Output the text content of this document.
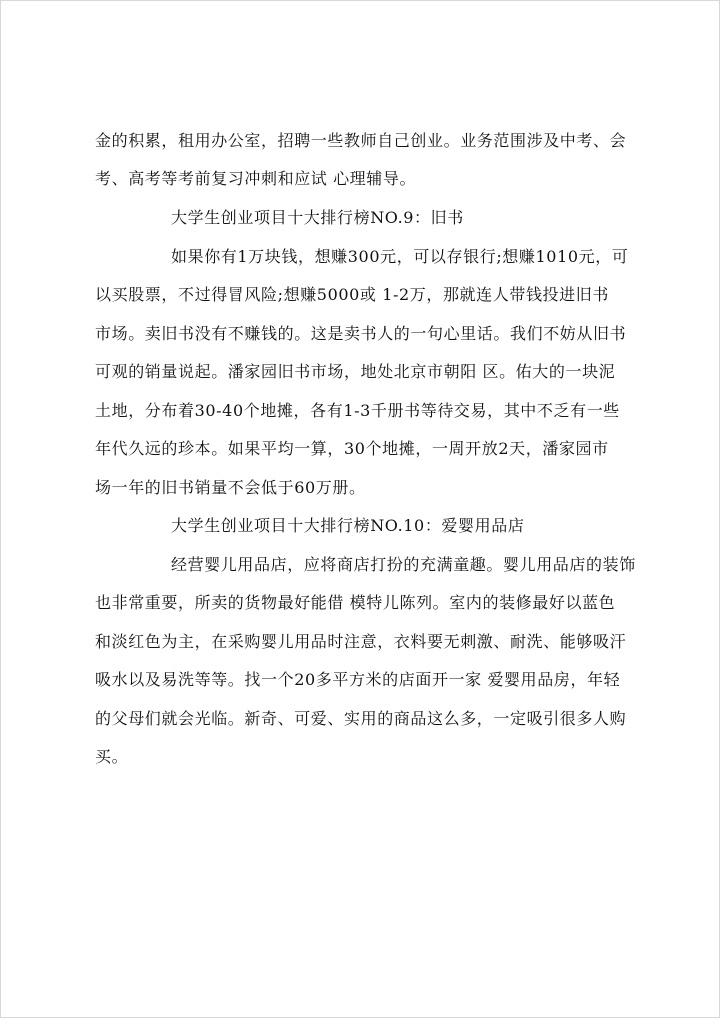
金的积累，租用办公室，招聘一些教师自己创业。业务范围涉及中考、会
考、高考等考前复习冲刺和应试 心理辅导。
大学生创业项目十大排行榜NO.9：旧书
如果你有1万块钱，想赚300元，可以存银行;想赚1010元，可
以买股票，不过得冒风险;想赚5000或 1-2万，那就连人带钱投进旧书
市场。卖旧书没有不赚钱的。这是卖书人的一句心里话。我们不妨从旧书
可观的销量说起。潘家园旧书市场，地处北京市朝阳 区。佑大的一块泥
土地，分布着30-40个地摊，各有1-3千册书等待交易，其中不乏有一些
年代久远的珍本。如果平均一算，30个地摊，一周开放2天，潘家园市
场一年的旧书销量不会低于60万册。
大学生创业项目十大排行榜NO.10：爱婴用品店
经营婴儿用品店，应将商店打扮的充满童趣。婴儿用品店的装饰
也非常重要，所卖的货物最好能借 模特儿陈列。室内的装修最好以蓝色
和淡红色为主，在采购婴儿用品时注意，衣料要无刺激、耐洗、能够吸汗
吸水以及易洗等等。找一个20多平方米的店面开一家 爱婴用品房，年轻
的父母们就会光临。新奇、可爱、实用的商品这么多，一定吸引很多人购
买。
